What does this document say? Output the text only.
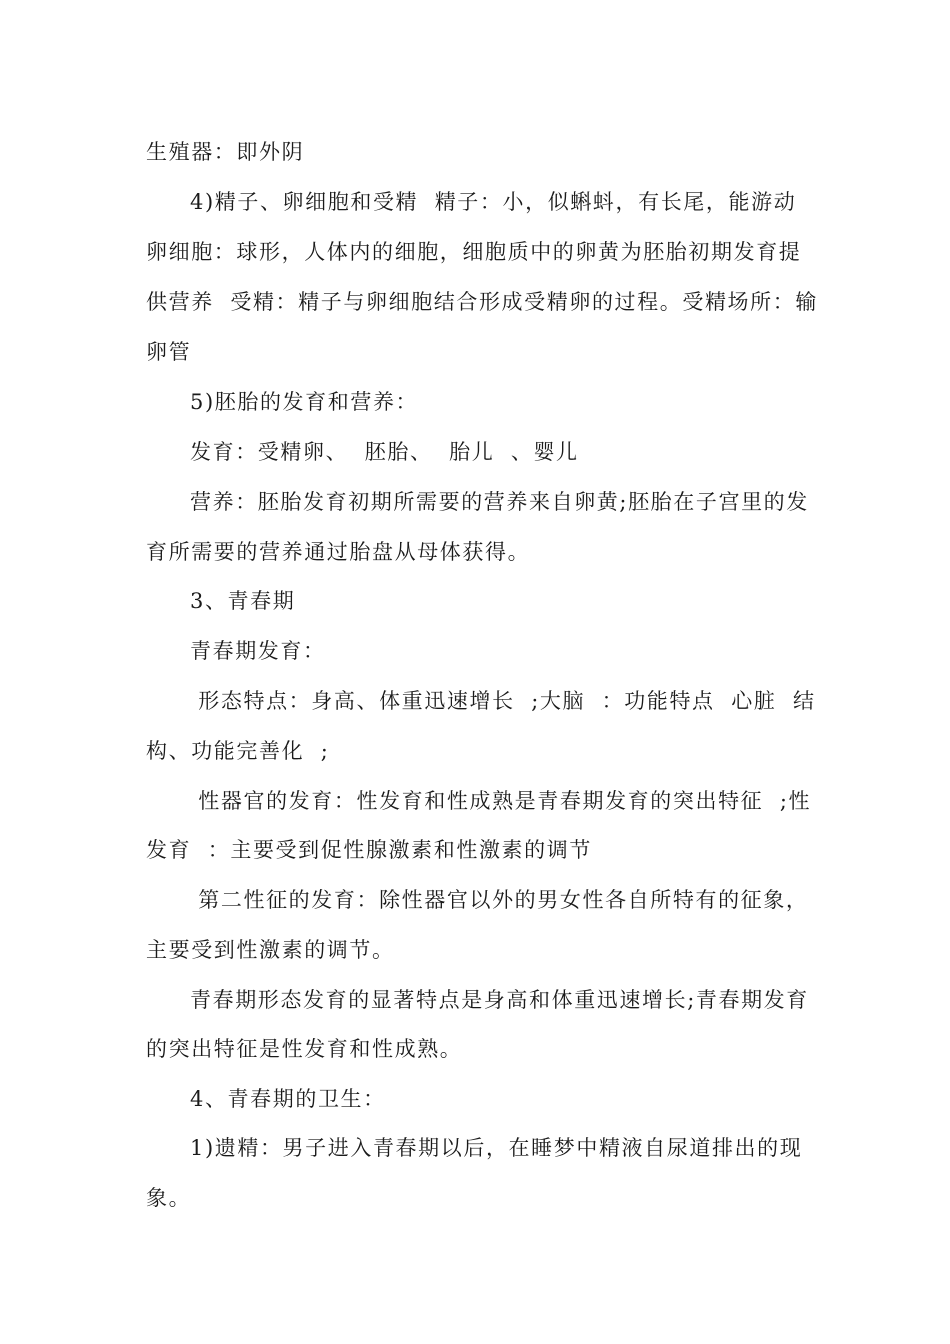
生殖器：即外阴
4)精子、卵细胞和受精  精子：小，似蝌蚪，有长尾，能游动
卵细胞：球形，人体内的细胞，细胞质中的卵黄为胚胎初期发育提
供营养  受精：精子与卵细胞结合形成受精卵的过程。受精场所：输
卵管
5)胚胎的发育和营养：
发育：受精卵、  胚胎、  胎儿  、婴儿
营养：胚胎发育初期所需要的营养来自卵黄;胚胎在子宫里的发
育所需要的营养通过胎盘从母体获得。
3、青春期
青春期发育：
形态特点：身高、体重迅速增长  ;大脑  ：功能特点  心脏  结
构、功能完善化  ;
性器官的发育：性发育和性成熟是青春期发育的突出特征  ;性
发育  ：主要受到促性腺激素和性激素的调节
第二性征的发育：除性器官以外的男女性各自所特有的征象，
主要受到性激素的调节。
青春期形态发育的显著特点是身高和体重迅速增长;青春期发育
的突出特征是性发育和性成熟。
4、青春期的卫生：
1)遗精：男子进入青春期以后，在睡梦中精液自尿道排出的现
象。
